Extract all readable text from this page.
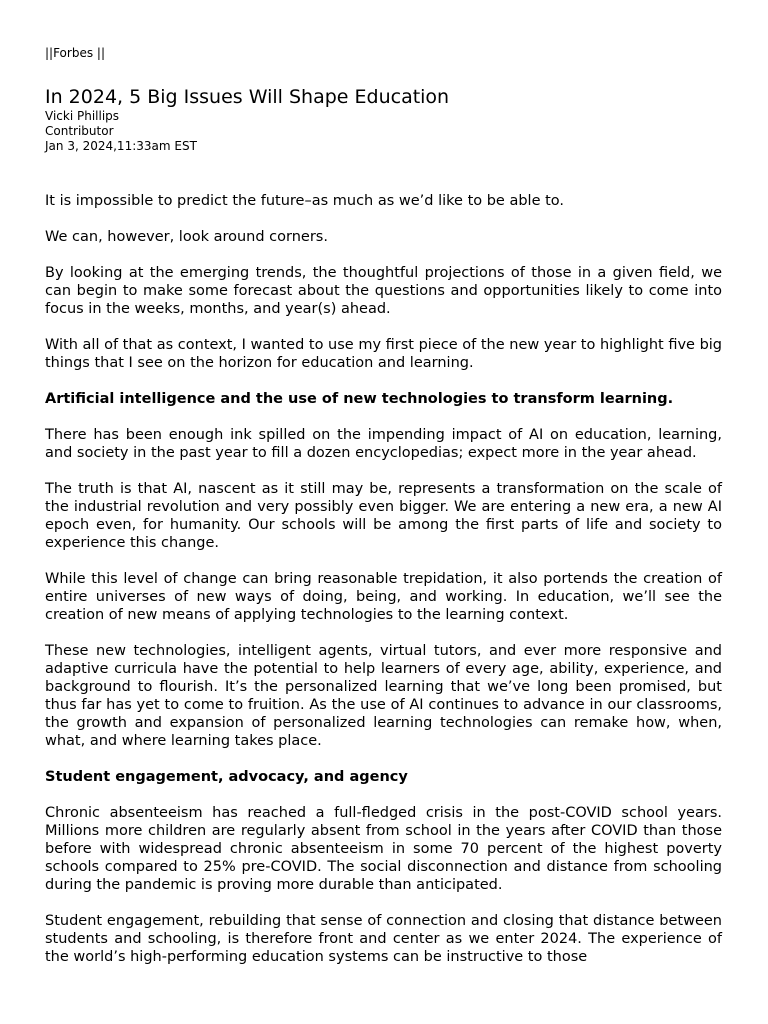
||Forbes ||
In 2024, 5 Big Issues Will Shape Education
Vicki Phillips
Contributor
Jan 3, 2024,11:33am EST

It is impossible to predict the future–as much as we’d like to be able to.

We can, however, look around corners.

By looking at the emerging trends, the thoughtful projections of those in a given field, we can begin to make some forecast about the questions and opportunities likely to come into focus in the weeks, months, and year(s) ahead.

With all of that as context, I wanted to use my first piece of the new year to highlight five big things that I see on the horizon for education and learning.

Artificial intelligence and the use of new technologies to transform learning.

There has been enough ink spilled on the impending impact of AI on education, learning, and society in the past year to fill a dozen encyclopedias; expect more in the year ahead.

The truth is that AI, nascent as it still may be, represents a transformation on the scale of the industrial revolution and very possibly even bigger. We are entering a new era, a new AI epoch even, for humanity. Our schools will be among the first parts of life and society to experience this change.

While this level of change can bring reasonable trepidation, it also portends the creation of entire universes of new ways of doing, being, and working. In education, we’ll see the creation of new means of applying technologies to the learning context.

These new technologies, intelligent agents, virtual tutors, and ever more responsive and adaptive curricula have the potential to help learners of every age, ability, experience, and background to flourish. It’s the personalized learning that we’ve long been promised, but thus far has yet to come to fruition. As the use of AI continues to advance in our classrooms, the growth and expansion of personalized learning technologies can remake how, when, what, and where learning takes place.

Student engagement, advocacy, and agency

Chronic absenteeism has reached a full-fledged crisis in the post-COVID school years. Millions more children are regularly absent from school in the years after COVID than those before with widespread chronic absenteeism in some 70 percent of the highest poverty schools compared to 25% pre-COVID. The social disconnection and distance from schooling during the pandemic is proving more durable than anticipated.

Student engagement, rebuilding that sense of connection and closing that distance between students and schooling, is therefore front and center as we enter 2024. The experience of the world’s high-performing education systems can be instructive to those
